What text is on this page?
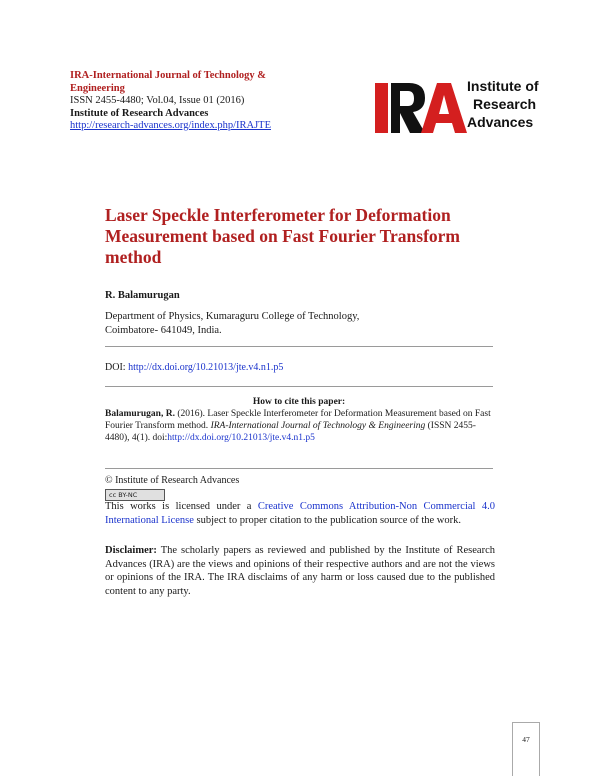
IRA-International Journal of Technology & Engineering
ISSN 2455-4480; Vol.04, Issue 01 (2016)
Institute of Research Advances
http://research-advances.org/index.php/IRAJTE
Institute of
Research
Advances
Laser Speckle Interferometer for Deformation Measurement based on Fast Fourier Transform method
R. Balamurugan
Department of Physics, Kumaraguru College of Technology,
Coimbatore- 641049, India.
DOI: http://dx.doi.org/10.21013/jte.v4.n1.p5
How to cite this paper:
Balamurugan, R. (2016). Laser Speckle Interferometer for Deformation Measurement based on Fast Fourier Transform method. IRA-International Journal of Technology & Engineering (ISSN 2455-4480), 4(1). doi:http://dx.doi.org/10.21013/jte.v4.n1.p5
© Institute of Research Advances
cc BY-NC
This works is licensed under a Creative Commons Attribution-Non Commercial 4.0 International License subject to proper citation to the publication source of the work.
Disclaimer: The scholarly papers as reviewed and published by the Institute of Research Advances (IRA) are the views and opinions of their respective authors and are not the views or opinions of the IRA. The IRA disclaims of any harm or loss caused due to the published content to any party.
47
